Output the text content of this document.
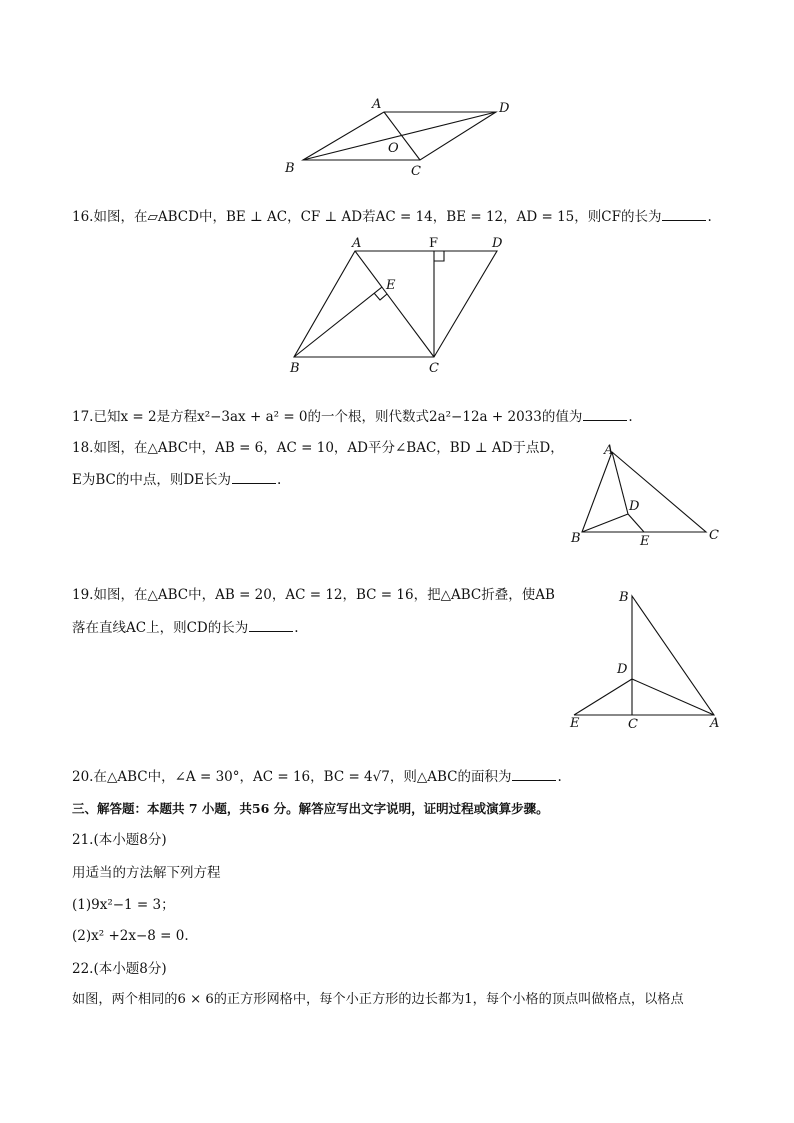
A	D
B	C
O
16.如图，在▱ABCD中，BE ⊥ AC，CF ⊥ AD若AC = 14，BE = 12，AD = 15，则CF的长为	.
A	F	D
E
B	C
17.已知x = 2是方程x²−3ax + a² = 0的一个根，则代数式2a²−12a + 2033的值为	.
18.如图，在△ABC中，AB = 6，AC = 10，AD平分∠BAC，BD ⊥ AD于点D，
E为BC的中点，则DE长为	.
A
D
B	E	C
19.如图，在△ABC中，AB = 20，AC = 12，BC = 16，把△ABC折叠，使AB
落在直线AC上，则CD的长为	.
B
D
E	C	A
20.在△ABC中，∠A = 30°，AC = 16，BC = 4√7，则△ABC的面积为	.
三、解答题：本题共 7 小题，共56 分。解答应写出文字说明，证明过程或演算步骤。
21.(本小题8分)
用适当的方法解下列方程
(1)9x²−1 = 3；
(2)x² +2x−8 = 0.
22.(本小题8分)
如图，两个相同的6 × 6的正方形网格中，每个小正方形的边长都为1，每个小格的顶点叫做格点，以格点
